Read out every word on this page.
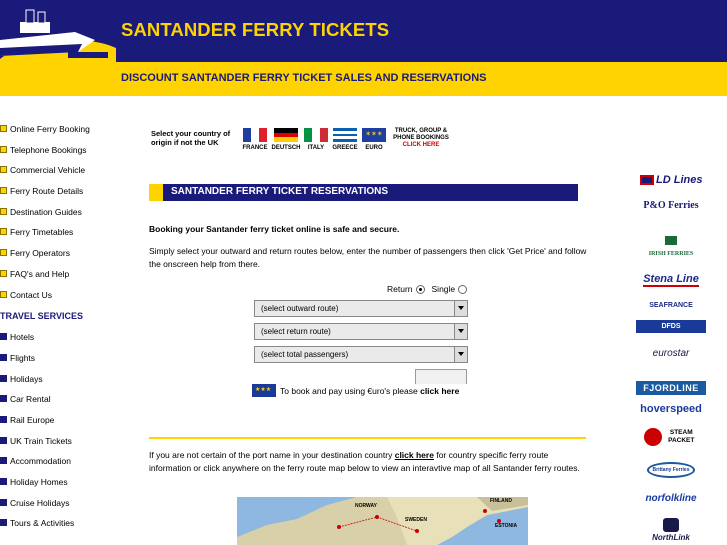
SANTANDER FERRY TICKETS
DISCOUNT SANTANDER FERRY TICKET SALES AND RESERVATIONS
Online Ferry Booking
Telephone Bookings
Commercial Vehicle
Ferry Route Details
Destination Guides
Ferry Timetables
Ferry Operators
FAQ's and Help
Contact Us
TRAVEL SERVICES
Hotels
Flights
Holidays
Car Rental
Rail Europe
UK Train Tickets
Accommodation
Holiday Homes
Cruise Holidays
Tours & Activities
Select your country of origin if not the UK
FRANCE DEUTSCH	ITALY	GREECE
✶✶✶
EURO
TRUCK, GROUP & PHONE BOOKINGS
CLICK HERE
SANTANDER FERRY TICKET RESERVATIONS
Booking your Santander ferry ticket online is safe and secure.
Simply select your outward and return routes below, enter the number of passengers then click 'Get Price' and follow the onscreen help from there.
Return Single
(select outward route)
(select return route)
(select total passengers)
★★★
To book and pay using €uro's please
click here
If you are not certain of the port name in your destination country click here for country specific ferry route information or click anywhere on the ferry route map below to view an interavtive map of all Santander ferry routes.
NORWAY
SWEDEN
FINLAND
ESTONIA
LD Lines
P&O Ferries
IRISH FERRIES
Stena Line
SEAFRANCE
DFDS
eurostar
FJORDLINE
hoverspeed
STEAM PACKET
Brittany Ferries
norfolkline
NorthLink
